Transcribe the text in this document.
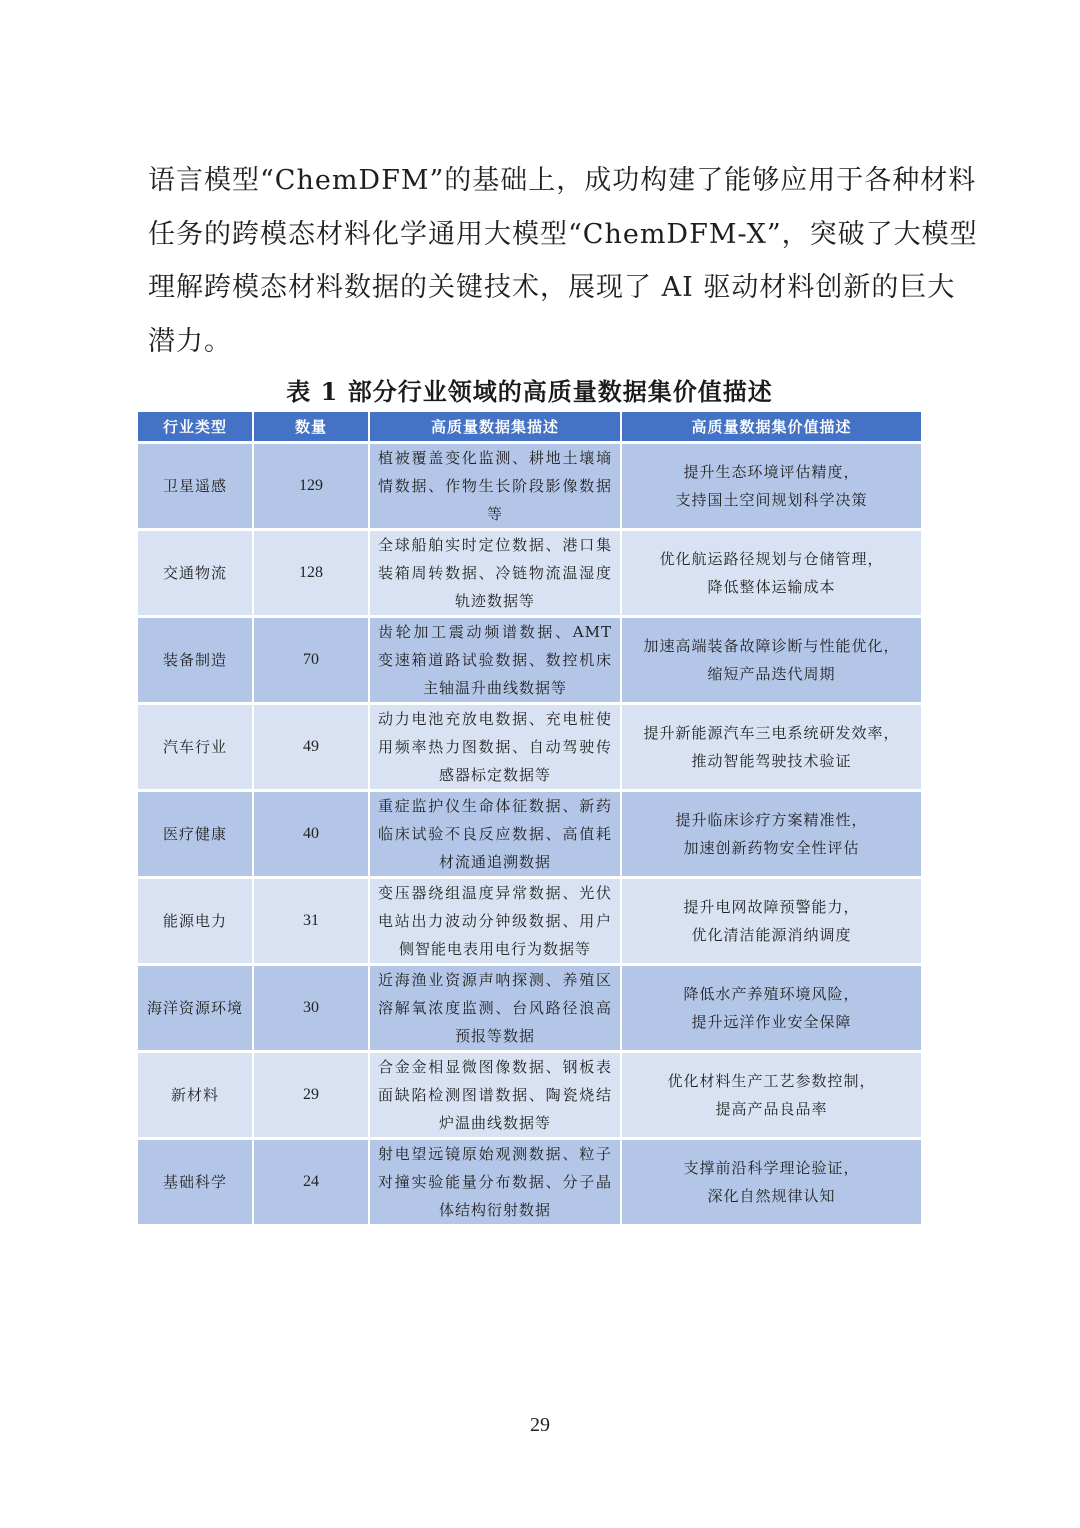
语言模型“ChemDFM”的基础上，成功构建了能够应用于各种材料
任务的跨模态材料化学通用大模型“ChemDFM-X”，突破了大模型
理解跨模态材料数据的关键技术，展现了 AI 驱动材料创新的巨大
潜力。

表 1 部分行业领域的高质量数据集价值描述
行业类型	数量	高质量数据集描述	高质量数据集价值描述
卫星遥感	129	植被覆盖变化监测、耕地土壤墒情数据、作物生长阶段影像数据等	提升生态环境评估精度，
支持国土空间规划科学决策

交通物流	128	全球船舶实时定位数据、港口集装箱周转数据、冷链物流温湿度轨迹数据等	优化航运路径规划与仓储管理，
降低整体运输成本

装备制造	70	齿轮加工震动频谱数据、AMT 变速箱道路试验数据、数控机床主轴温升曲线数据等	加速高端装备故障诊断与性能优化，
缩短产品迭代周期

汽车行业	49	动力电池充放电数据、充电桩使用频率热力图数据、自动驾驶传感器标定数据等	提升新能源汽车三电系统研发效率，
推动智能驾驶技术验证

医疗健康	40	重症监护仪生命体征数据、新药临床试验不良反应数据、高值耗材流通追溯数据	提升临床诊疗方案精准性，
加速创新药物安全性评估

能源电力	31	变压器绕组温度异常数据、光伏电站出力波动分钟级数据、用户侧智能电表用电行为数据等	提升电网故障预警能力，
优化清洁能源消纳调度

海洋资源环境	30	近海渔业资源声呐探测、养殖区溶解氧浓度监测、台风路径浪高预报等数据	降低水产养殖环境风险，
提升远洋作业安全保障

新材料	29	合金金相显微图像数据、钢板表面缺陷检测图谱数据、陶瓷烧结炉温曲线数据等	优化材料生产工艺参数控制，
提高产品良品率

基础科学	24	射电望远镜原始观测数据、粒子对撞实验能量分布数据、分子晶体结构衍射数据	支撑前沿科学理论验证，
深化自然规律认知
29
